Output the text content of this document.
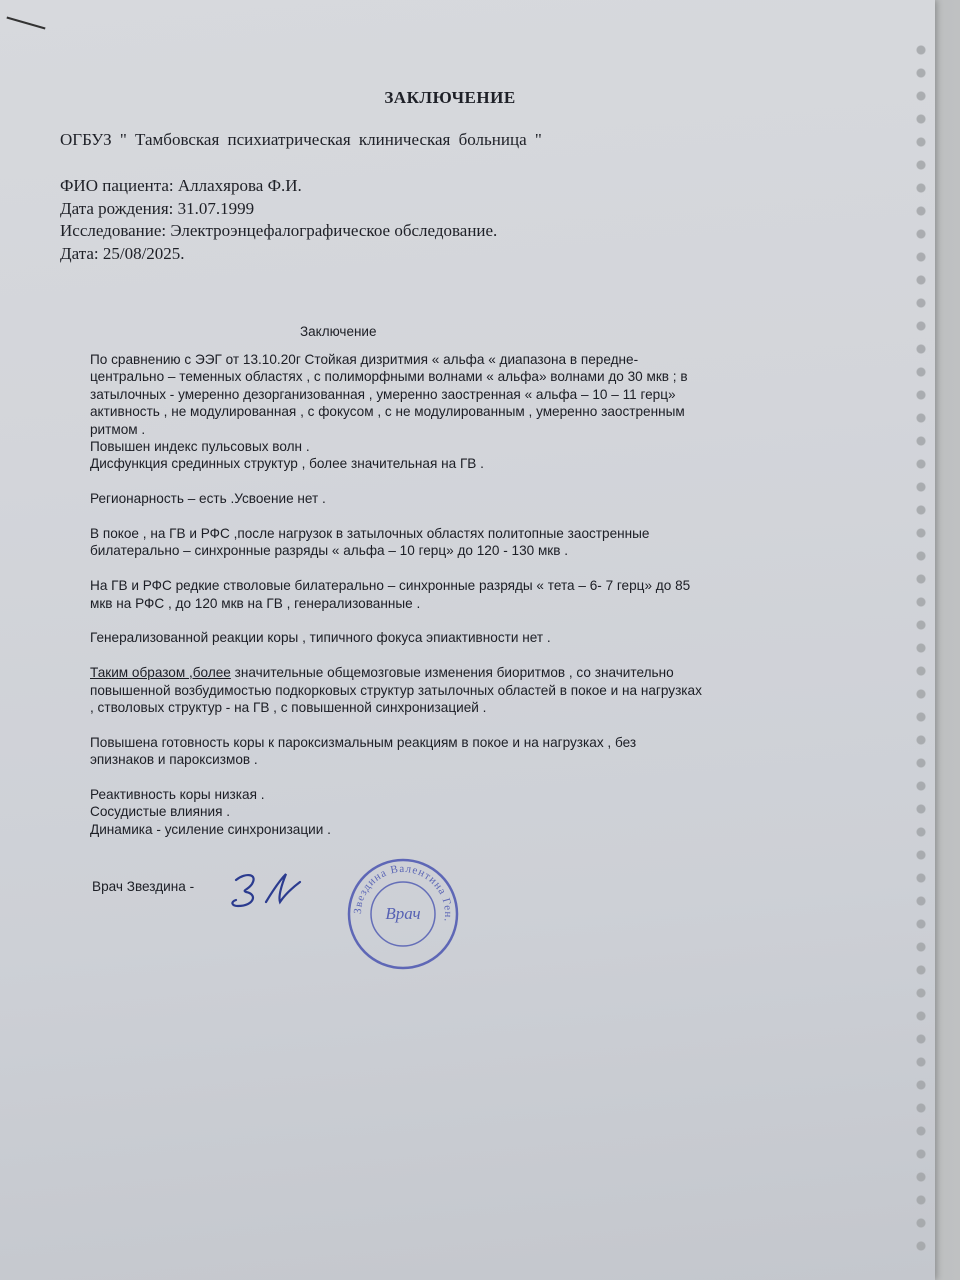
ЗАКЛЮЧЕНИЕ
ОГБУЗ " Тамбовская психиатрическая клиническая больница "
ФИО пациента: Аллахярова Ф.И.
Дата рождения: 31.07.1999
Исследование: Электроэнцефалографическое обследование.
Дата: 25/08/2025.
Заключение
По сравнению с ЭЭГ от 13.10.20г Стойкая дизритмия « альфа « диапазона в передне-
центрально – теменных областях , с полиморфными волнами « альфа» волнами до 30 мкв ; в
затылочных - умеренно дезорганизованная , умеренно заостренная « альфа – 10 – 11 герц»
активность , не модулированная , с фокусом , с не модулированным , умеренно заостренным
ритмом .
Повышен индекс пульсовых волн .
Дисфункция срединных структур , более значительная на ГВ .
Регионарность – есть .Усвоение нет .
В покое , на ГВ и РФС ,после нагрузок в затылочных областях политопные заостренные
билатерально – синхронные разряды « альфа – 10 герц» до 120 - 130 мкв .
На ГВ и РФС редкие стволовые билатерально – синхронные разряды « тета – 6- 7 герц» до 85
мкв на РФС , до 120 мкв на ГВ , генерализованные .
Генерализованной реакции коры , типичного фокуса эпиактивности нет .
Таким образом ,более значительные общемозговые изменения биоритмов , со значительно
повышенной возбудимостью подкорковых структур затылочных областей в покое и на нагрузках
, стволовых структур - на ГВ , с повышенной синхронизацией .
Повышена готовность коры к пароксизмальным реакциям в покое и на нагрузках , без
эпизнаков и пароксизмов .
Реактивность коры низкая .
Сосудистые влияния .
Динамика - усиление синхронизации .
Врач Звездина -
Звездина Валентина Ген.
Врач
